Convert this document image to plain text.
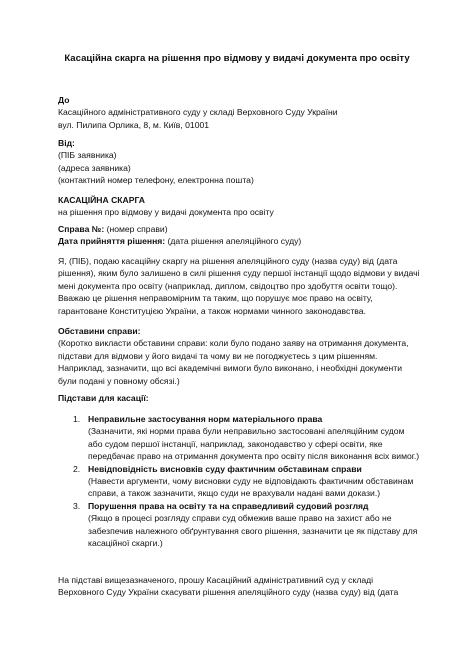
Касаційна скарга на рішення про відмову у видачі документа про освіту
До
Касаційного адміністративного суду у складі Верховного Суду України
вул. Пилипа Орлика, 8, м. Київ, 01001
Від:
(ПІБ заявника)
(адреса заявника)
(контактний номер телефону, електронна пошта)
КАСАЦІЙНА СКАРГА
на рішення про відмову у видачі документа про освіту
Справа №: (номер справи)
Дата прийняття рішення: (дата рішення апеляційного суду)
Я, (ПІБ), подаю касаційну скаргу на рішення апеляційного суду (назва суду) від (дата рішення), яким було залишено в силі рішення суду першої інстанції щодо відмови у видачі мені документа про освіту (наприклад, диплом, свідоцтво про здобуття освіти тощо). Вважаю це рішення неправомірним та таким, що порушує моє право на освіту, гарантоване Конституцією України, а також нормами чинного законодавства.
Обставини справи:
(Коротко викласти обставини справи: коли було подано заяву на отримання документа, підстави для відмови у його видачі та чому ви не погоджуєтесь з цим рішенням. Наприклад, зазначити, що всі академічні вимоги було виконано, і необхідні документи були подані у повному обсязі.)
Підстави для касації:
1. Неправильне застосування норм матеріального права
(Зазначити, які норми права були неправильно застосовані апеляційним судом або судом першої інстанції, наприклад, законодавство у сфері освіти, яке передбачає право на отримання документа про освіту після виконання всіх вимог.)
2. Невідповідність висновків суду фактичним обставинам справи
(Навести аргументи, чому висновки суду не відповідають фактичним обставинам справи, а також зазначити, якщо суди не врахували надані вами докази.)
3. Порушення права на освіту та на справедливий судовий розгляд
(Якщо в процесі розгляду справи суд обмежив ваше право на захист або не забезпечив належного обґрунтування свого рішення, зазначити це як підставу для касаційної скарги.)
На підставі вищезазначеного, прошу Касаційний адміністративний суд у складі Верховного Суду України скасувати рішення апеляційного суду (назва суду) від (дата
